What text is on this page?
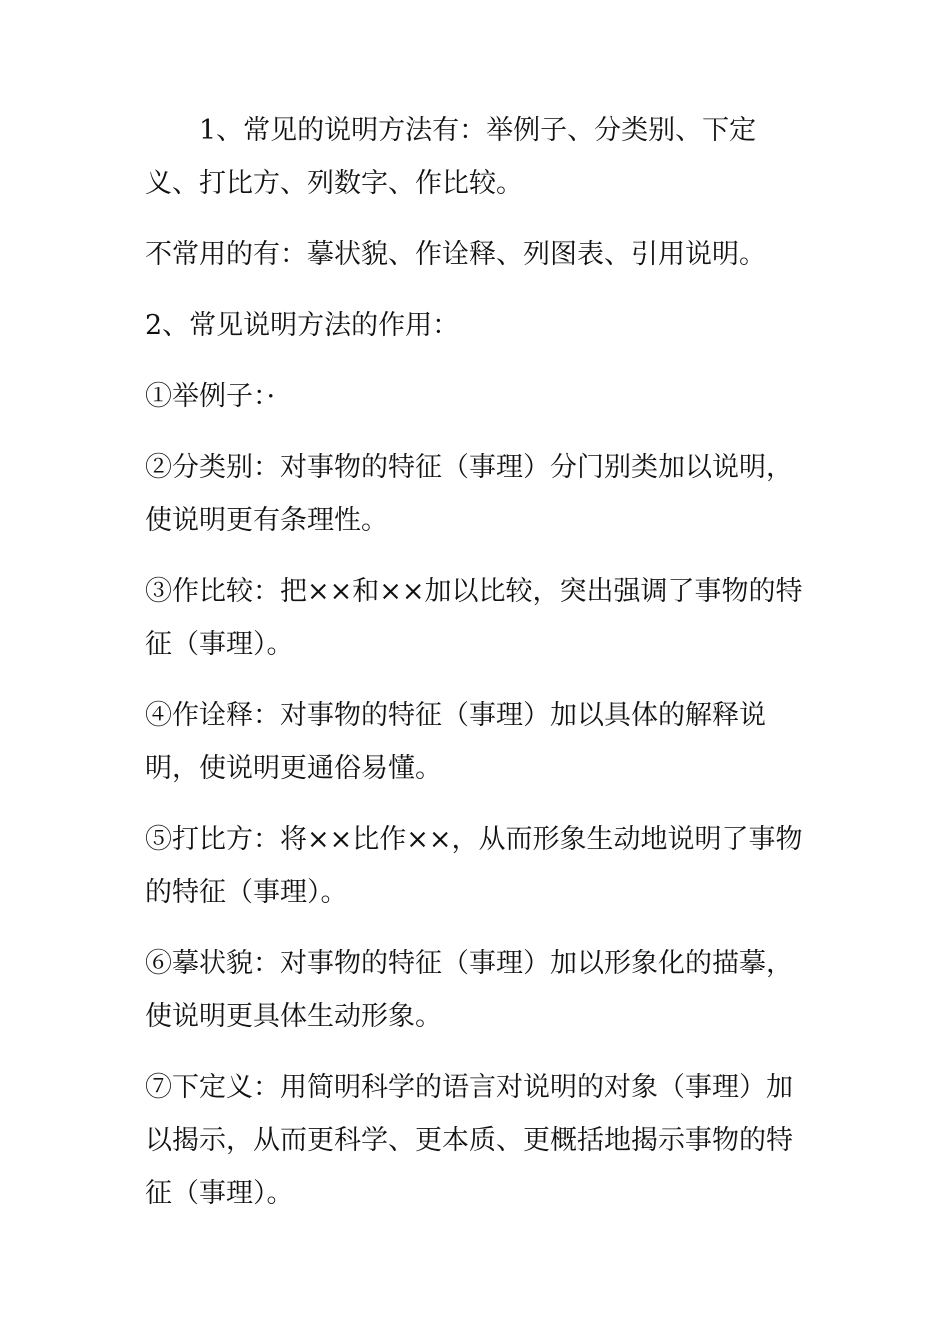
1、常见的说明方法有：举例子、分类别、下定义、打比方、列数字、作比较。

不常用的有：摹状貌、作诠释、列图表、引用说明。

2、常见说明方法的作用：

①举例子：·

②分类别：对事物的特征（事理）分门别类加以说明，使说明更有条理性。

③作比较：把××和××加以比较，突出强调了事物的特征（事理）。

④作诠释：对事物的特征（事理）加以具体的解释说明，使说明更通俗易懂。

⑤打比方：将××比作××，从而形象生动地说明了事物的特征（事理）。

⑥摹状貌：对事物的特征（事理）加以形象化的描摹，使说明更具体生动形象。

⑦下定义：用简明科学的语言对说明的对象（事理）加以揭示，从而更科学、更本质、更概括地揭示事物的特征（事理）。
